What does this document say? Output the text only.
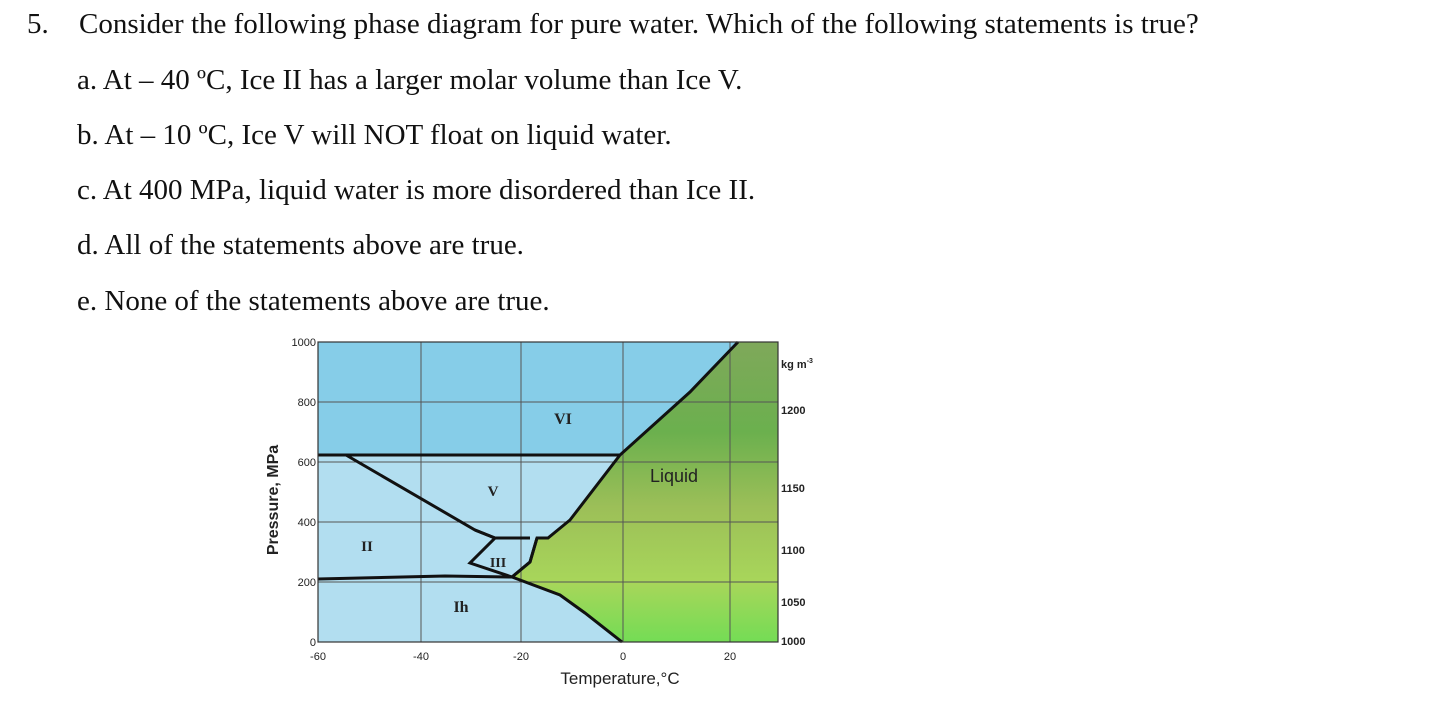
5. Consider the following phase diagram for pure water. Which of the following statements is true?
a. At – 40 ºC, Ice II has a larger molar volume than Ice V.
b. At – 10 ºC, Ice V will NOT float on liquid water.
c. At 400 MPa, liquid water is more disordered than Ice II.
d. All of the statements above are true.
e. None of the statements above are true.
0
200
400
600
800
1000
-60	-40	-20	0	20
Temperature,°C
Pressure, MPa
kg $m^{-3}$
1200
1150
1100
1050
1000
VI
V
II
III
Ih
Liquid
